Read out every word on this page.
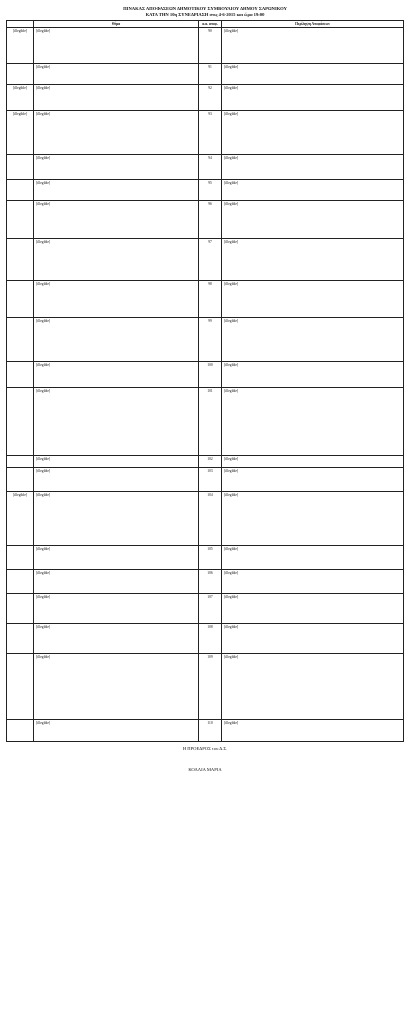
ΠΙΝΑΚΑΣ ΑΠΟΦΑΣΕΩΝ ΔΗΜΟΤΙΚΟΥ ΣΥΜΒΟΥΛΙΟΥ ΔΗΜΟΥ ΣΑΡΩΝΙΚΟΥ
ΚΑΤΑ ΤΗΝ 10η ΣΥΝΕΔΡΙΑΣΗ στις 4-6-2015 και ώρα 19:00
	Θέμα	α.α. αποφ.	Περίληψη Αποφάσεων
[illegible]	[illegible]	90	[illegible]
	[illegible]	91	[illegible]
[illegible]	[illegible]	92	[illegible]
[illegible]	[illegible]	93	[illegible]
	[illegible]	94	[illegible]
	[illegible]	95	[illegible]
	[illegible]	96	[illegible]
	[illegible]	97	[illegible]
	[illegible]	98	[illegible]
	[illegible]	99	[illegible]
	[illegible]	100	[illegible]
	[illegible]	101	[illegible]
	[illegible]	102	[illegible]
	[illegible]	103	[illegible]
[illegible]	[illegible]	104	[illegible]
	[illegible]	105	[illegible]
	[illegible]	106	[illegible]
	[illegible]	107	[illegible]
	[illegible]	108	[illegible]
	[illegible]	109	[illegible]
	[illegible]	110	[illegible]
Η ΠΡΟΕΔΡΟΣ του Δ.Σ.
ΚΟΛΛΙΑ ΜΑΡΙΑ
